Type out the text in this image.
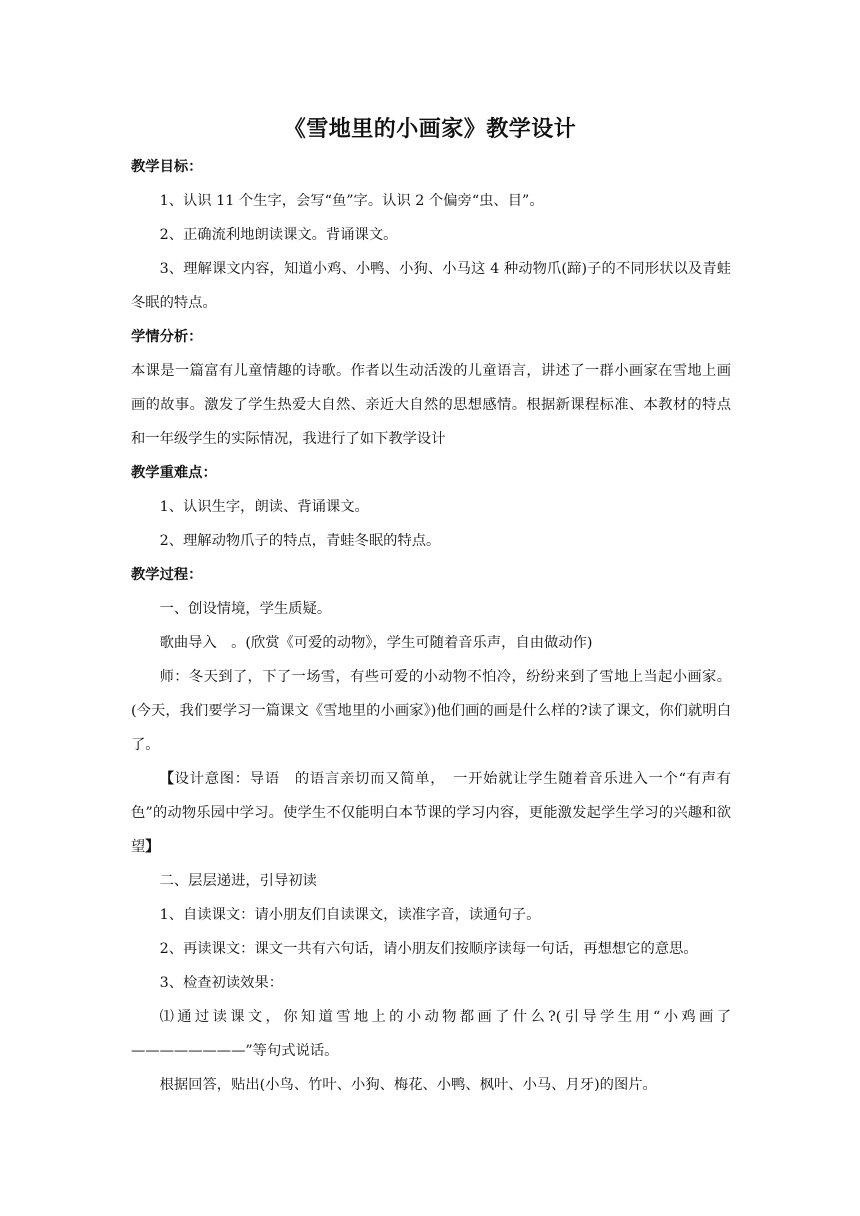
《雪地里的小画家》教学设计
教学目标：
1、认识 11 个生字，会写“鱼”字。认识 2 个偏旁“虫、目”。
2、正确流利地朗读课文。背诵课文。
3、理解课文内容，知道小鸡、小鸭、小狗、小马这 4 种动物爪(蹄)子的不同形状以及青蛙冬眠的特点。
学情分析：
本课是一篇富有儿童情趣的诗歌。作者以生动活泼的儿童语言，讲述了一群小画家在雪地上画画的故事。激发了学生热爱大自然、亲近大自然的思想感情。根据新课程标准、本教材的特点和一年级学生的实际情况，我进行了如下教学设计
教学重难点：
1、认识生字，朗读、背诵课文。
2、理解动物爪子的特点，青蛙冬眠的特点。
教学过程：
一、创设情境，学生质疑。
歌曲导入　。(欣赏《可爱的动物》，学生可随着音乐声，自由做动作)
师：冬天到了，下了一场雪，有些可爱的小动物不怕冷，纷纷来到了雪地上当起小画家。(今天，我们要学习一篇课文《雪地里的小画家》)他们画的画是什么样的?读了课文，你们就明白了。
【设计意图：导语　的语言亲切而又简单，　一开始就让学生随着音乐进入一个“有声有色”的动物乐园中学习。使学生不仅能明白本节课的学习内容，更能激发起学生学习的兴趣和欲望】
二、层层递进，引导初读
1、自读课文：请小朋友们自读课文，读准字音，读通句子。
2、再读课文：课文一共有六句话，请小朋友们按顺序读每一句话，再想想它的意思。
3、检查初读效果：
⑴通过读课文，你知道雪地上的小动物都画了什么?(引导学生用“小鸡画了————————”等句式说话。
根据回答，贴出(小鸟、竹叶、小狗、梅花、小鸭、枫叶、小马、月牙)的图片。
